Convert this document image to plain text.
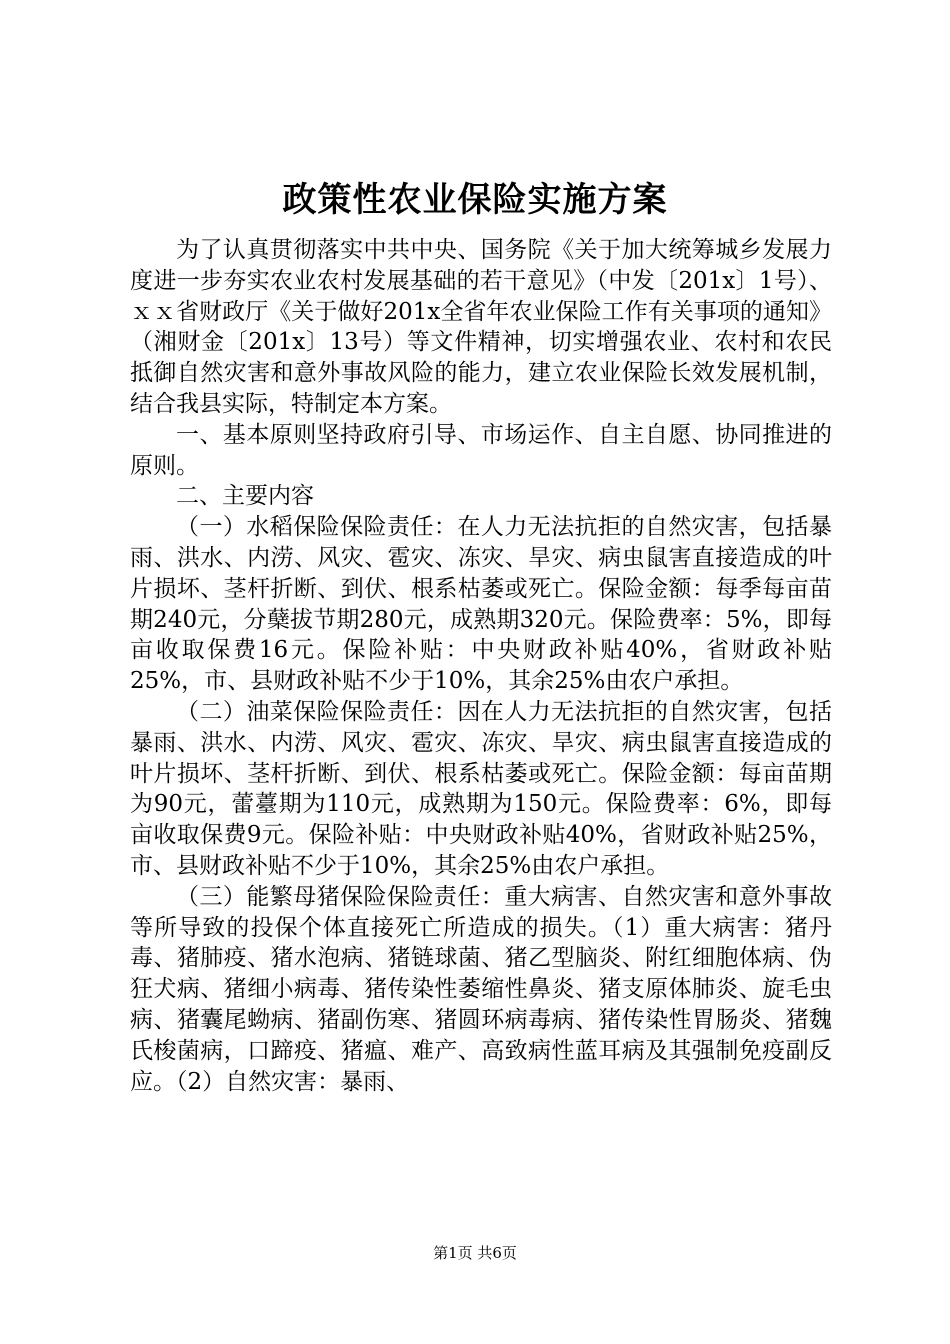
政策性农业保险实施方案

为了认真贯彻落实中共中央、国务院《关于加大统筹城乡发展力度进一步夯实农业农村发展基础的若干意见》（中发〔201x〕1号）、ｘｘ省财政厅《关于做好201x全省年农业保险工作有关事项的通知》（湘财金〔201x〕13号）等文件精神，切实增强农业、农村和农民抵御自然灾害和意外事故风险的能力，建立农业保险长效发展机制，结合我县实际，特制定本方案。

一、基本原则坚持政府引导、市场运作、自主自愿、协同推进的原则。

二、主要内容

（一）水稻保险保险责任：在人力无法抗拒的自然灾害，包括暴雨、洪水、内涝、风灾、雹灾、冻灾、旱灾、病虫鼠害直接造成的叶片损坏、茎杆折断、到伏、根系枯萎或死亡。保险金额：每季每亩苗期240元，分蘖拔节期280元，成熟期320元。保险费率：5%，即每亩收取保费16元。保险补贴：中央财政补贴40%，省财政补贴25%，市、县财政补贴不少于10%，其余25%由农户承担。

（二）油菜保险保险责任：因在人力无法抗拒的自然灾害，包括暴雨、洪水、内涝、风灾、雹灾、冻灾、旱灾、病虫鼠害直接造成的叶片损坏、茎杆折断、到伏、根系枯萎或死亡。保险金额：每亩苗期为90元，蕾薹期为110元，成熟期为150元。保险费率：6%，即每亩收取保费9元。保险补贴：中央财政补贴40%，省财政补贴25%，市、县财政补贴不少于10%，其余25%由农户承担。

（三）能繁母猪保险保险责任：重大病害、自然灾害和意外事故等所导致的投保个体直接死亡所造成的损失。（1）重大病害：猪丹毒、猪肺疫、猪水泡病、猪链球菌、猪乙型脑炎、附红细胞体病、伪狂犬病、猪细小病毒、猪传染性萎缩性鼻炎、猪支原体肺炎、旋毛虫病、猪囊尾蚴病、猪副伤寒、猪圆环病毒病、猪传染性胃肠炎、猪魏氏梭菌病，口蹄疫、猪瘟、难产、高致病性蓝耳病及其强制免疫副反应。（2）自然灾害：暴雨、

第1页 共6页
